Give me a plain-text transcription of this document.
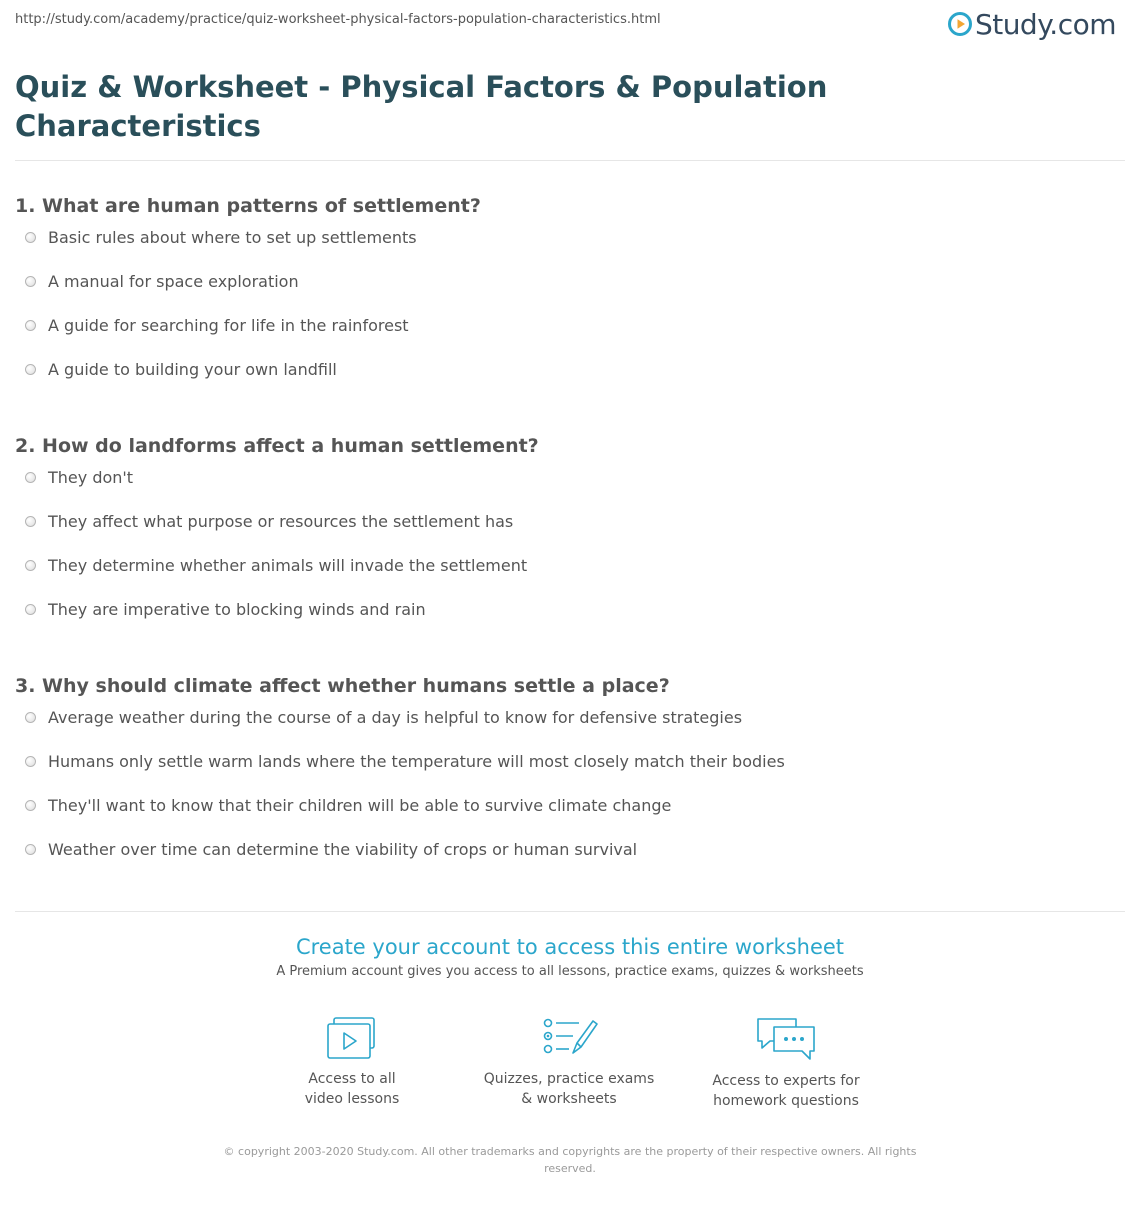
http://study.com/academy/practice/quiz-worksheet-physical-factors-population-characteristics.html	Study.com
Quiz & Worksheet - Physical Factors & Population Characteristics

1. What are human patterns of settlement?

Basic rules about where to set up settlements
A manual for space exploration
A guide for searching for life in the rainforest
A guide to building your own landfill

2. How do landforms affect a human settlement?

They don't
They affect what purpose or resources the settlement has
They determine whether animals will invade the settlement
They are imperative to blocking winds and rain

3. Why should climate affect whether humans settle a place?

Average weather during the course of a day is helpful to know for defensive strategies
Humans only settle warm lands where the temperature will most closely match their bodies
They'll want to know that their children will be able to survive climate change
Weather over time can determine the viability of crops or human survival
Create your account to access this entire worksheet
A Premium account gives you access to all lessons, practice exams, quizzes & worksheets
Access to all
video lessons
Quizzes, practice exams
& worksheets
Access to experts for
homework questions
© copyright 2003-2020 Study.com. All other trademarks and copyrights are the property of their respective owners. All rights reserved.
